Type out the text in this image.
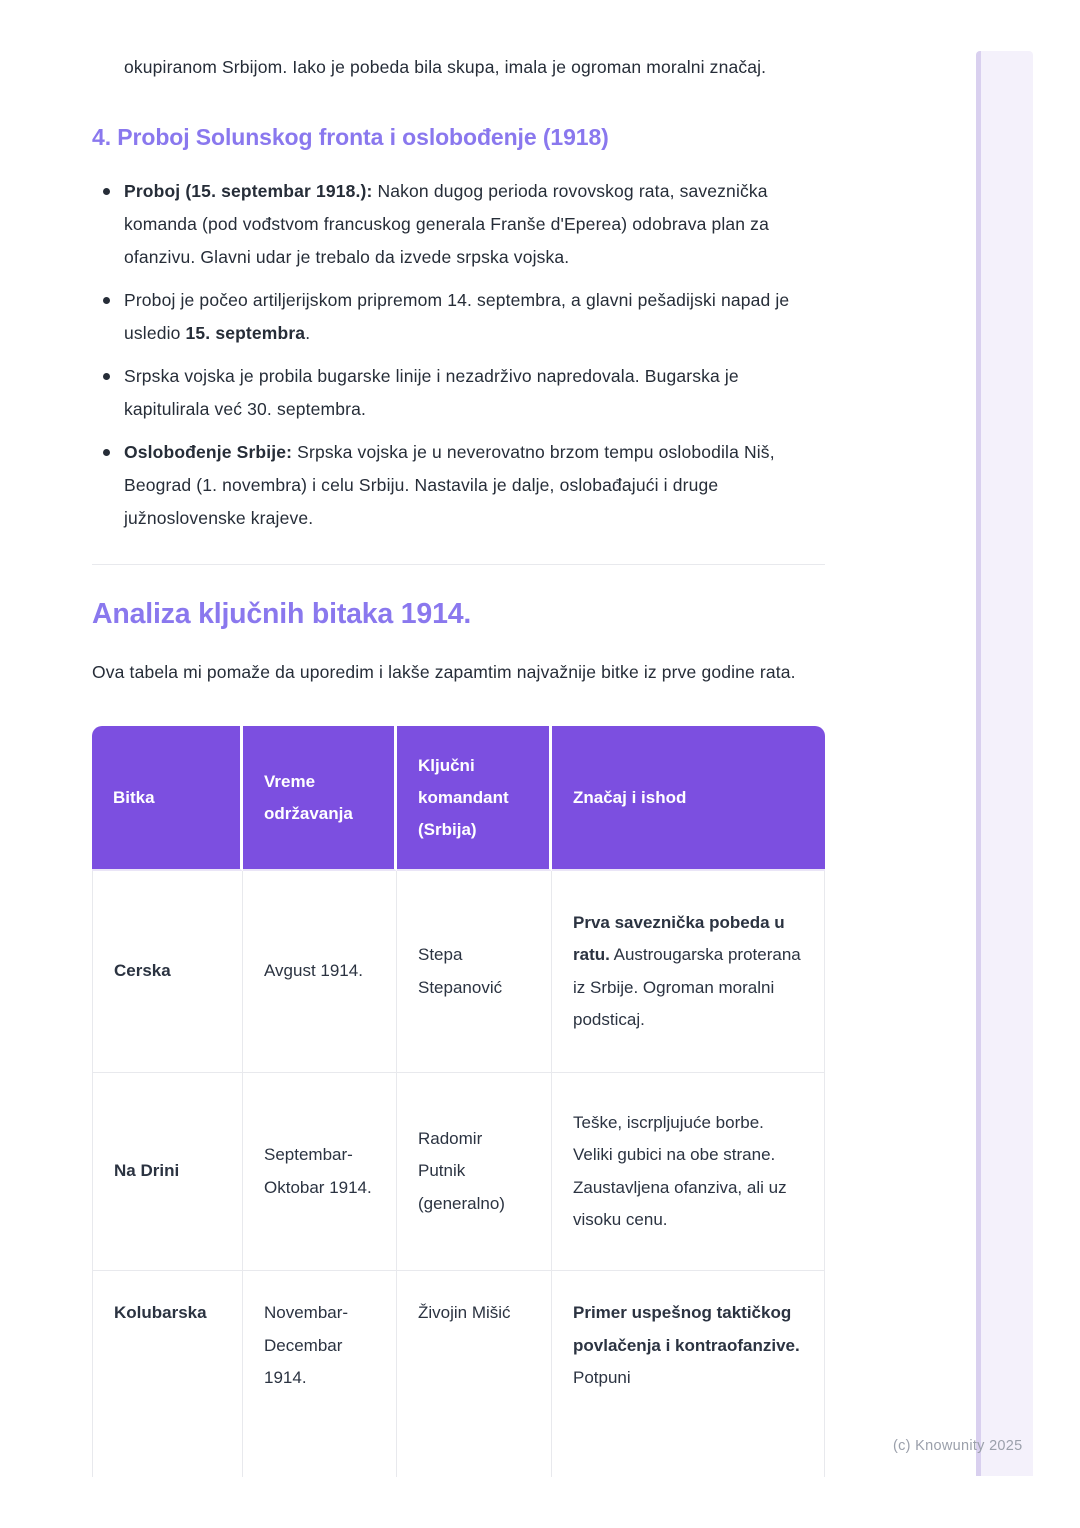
okupiranom Srbijom. Iako je pobeda bila skupa, imala je ogroman moralni značaj.

4. Proboj Solunskog fronta i oslobođenje (1918)
Proboj (15. septembar 1918.): Nakon dugog perioda rovovskog rata, saveznička komanda (pod vođstvom francuskog generala Franše d'Eperea) odobrava plan za ofanzivu. Glavni udar je trebalo da izvede srpska vojska.
Proboj je počeo artiljerijskom pripremom 14. septembra, a glavni pešadijski napad je usledio 15. septembra.
Srpska vojska je probila bugarske linije i nezadrživo napredovala. Bugarska je kapitulirala već 30. septembra.
Oslobođenje Srbije: Srpska vojska je u neverovatno brzom tempu oslobodila Niš, Beograd (1. novembra) i celu Srbiju. Nastavila je dalje, oslobađajući i druge južnoslovenske krajeve.
Analiza ključnih bitaka 1914.

Ova tabela mi pomaže da uporedim i lakše zapamtim najvažnije bitke iz prve godine rata.

Bitka	Vreme održavanja	Ključni komandant (Srbija)	Značaj i ishod
Cerska	Avgust 1914.	Stepa Stepanović	Prva saveznička pobeda u ratu. Austrougarska proterana iz Srbije. Ogroman moralni podsticaj.
Na Drini	Septembar-Oktobar 1914.	Radomir Putnik (generalno)	Teške, iscrpljujuće borbe. Veliki gubici na obe strane. Zaustavljena ofanziva, ali uz visoku cenu.
Kolubarska	Novembar-Decembar 1914.	Živojin Mišić	Primer uspešnog taktičkog povlačenja i kontraofanzive. Potpuni
(c) Knowunity 2025
